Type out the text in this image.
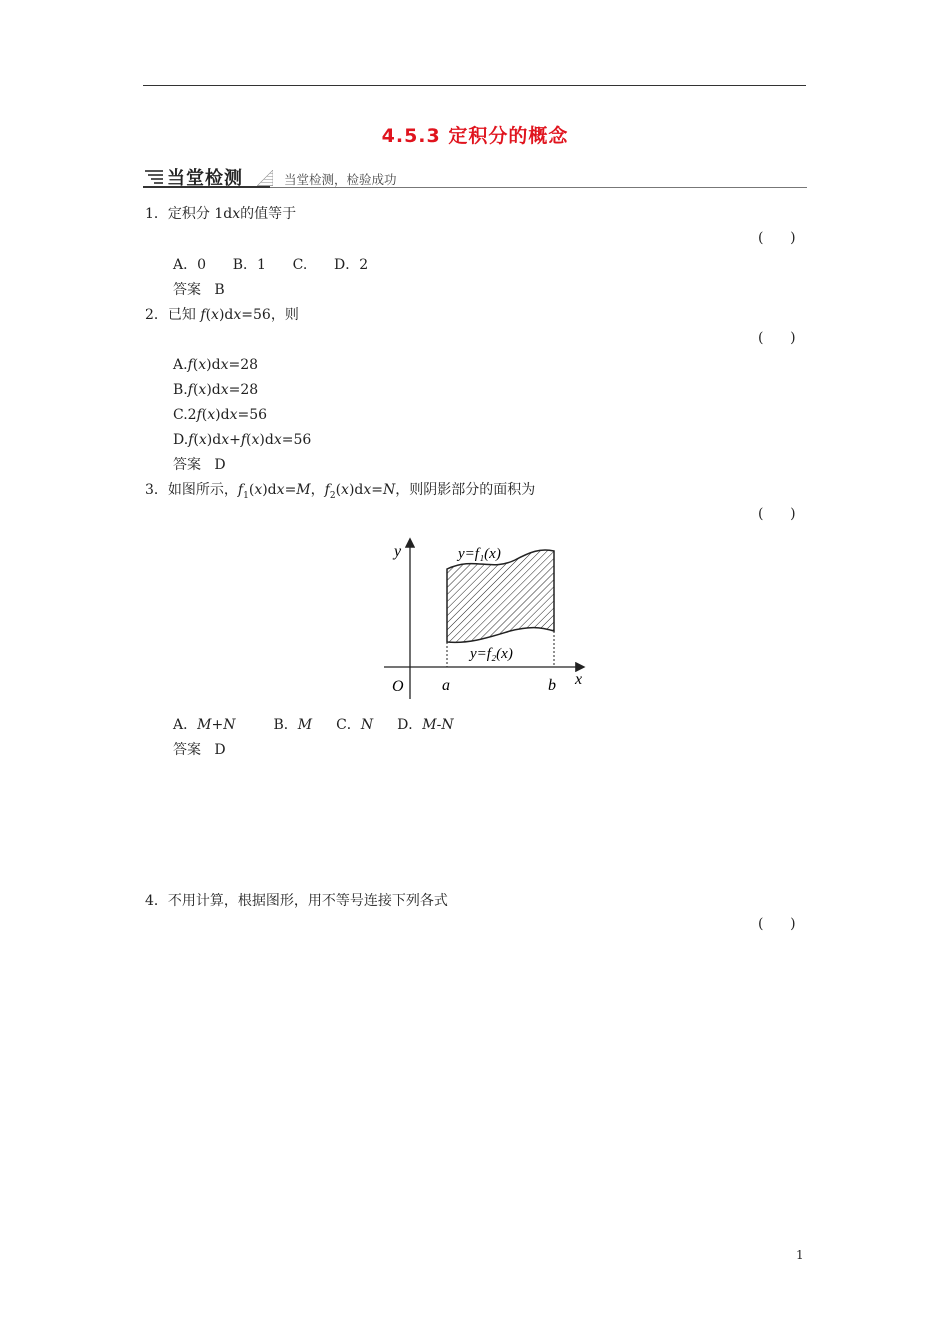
4.5.3 定积分的概念
当堂检测	当堂检测，检验成功
1．定积分 1dx的值等于
(      )
A．0      B．1      C.      D．2
答案   B
2．已知 f(x)dx=56，则
(      )
A.f(x)dx=28
B.f(x)dx=28
C.2f(x)dx=56
D.f(x)dx+f(x)dx=56
答案   D
3．如图所示，$f_1(x)dx=M$，$f_2(x)dx=N$，则阴影部分的面积为
(      )
y
x
O a	b
y=f₁(x)
y=f₂(x)
A．M+N	B．M C．N D．M-N
答案   D
4．不用计算，根据图形，用不等号连接下列各式
(      )
1
